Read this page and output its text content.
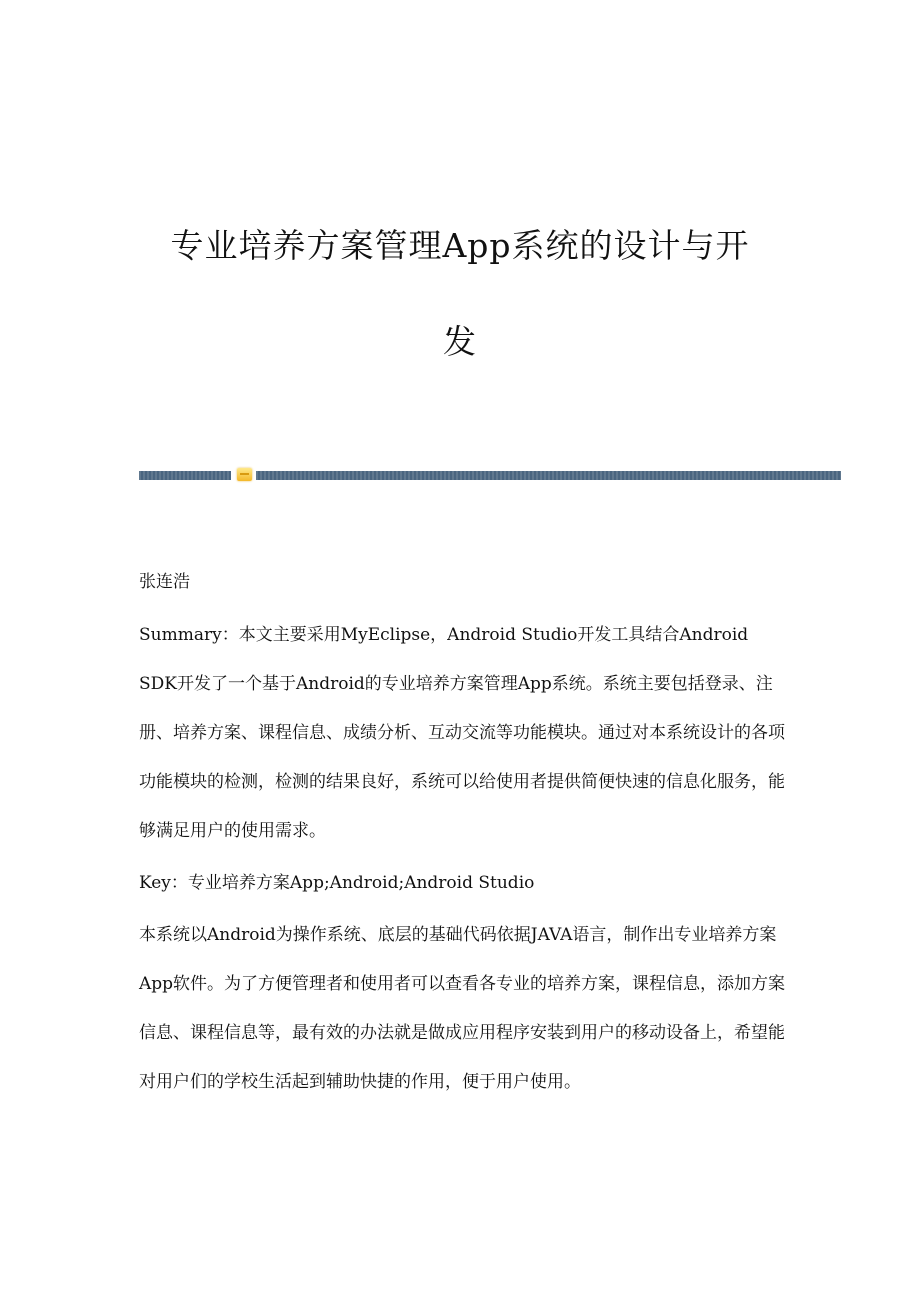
专业培养方案管理App系统的设计与开
发

张连浩

Summary：本文主要采用MyEclipse，Android Studio开发工具结合Android SDK开发了一个基于Android的专业培养方案管理App系统。系统主要包括登录、注册、培养方案、课程信息、成绩分析、互动交流等功能模块。通过对本系统设计的各项功能模块的检测，检测的结果良好，系统可以给使用者提供简便快速的信息化服务，能够满足用户的使用需求。

Key：专业培养方案App;Android;Android Studio

本系统以Android为操作系统、底层的基础代码依据JAVA语言，制作出专业培养方案App软件。为了方便管理者和使用者可以查看各专业的培养方案，课程信息，添加方案信息、课程信息等，最有效的办法就是做成应用程序安装到用户的移动设备上，希望能对用户们的学校生活起到辅助快捷的作用，便于用户使用。
